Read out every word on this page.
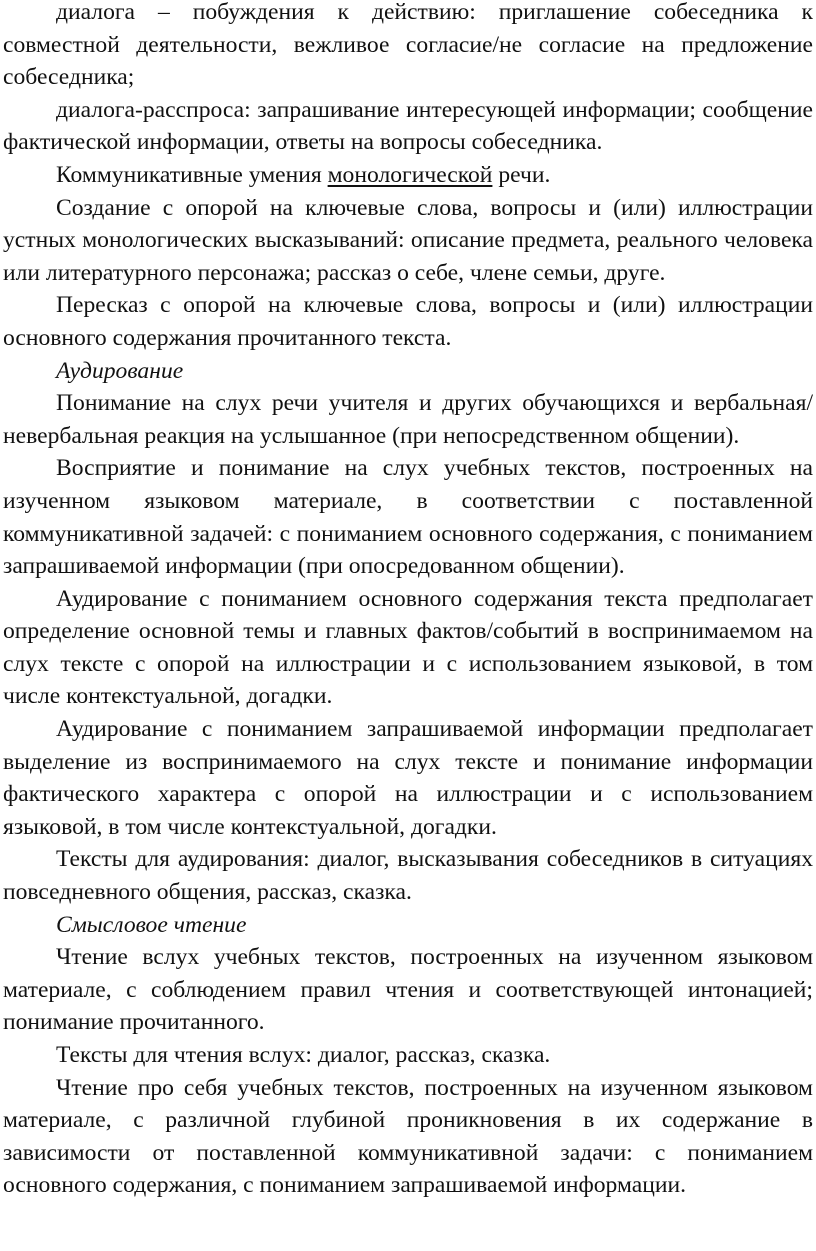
диалога – побуждения к действию: приглашение собеседника к совместной деятельности, вежливое согласие/не согласие на предложение собеседника;

диалога-расспроса: запрашивание интересующей информации; сообщение фактической информации, ответы на вопросы собеседника.

Коммуникативные умения монологической речи.

Создание с опорой на ключевые слова, вопросы и (или) иллюстрации устных монологических высказываний: описание предмета, реального человека или литературного персонажа; рассказ о себе, члене семьи, друге.

Пересказ с опорой на ключевые слова, вопросы и (или) иллюстрации основного содержания прочитанного текста.

Аудирование

Понимание на слух речи учителя и других обучающихся и вербальная/невербальная реакция на услышанное (при непосредственном общении).

Восприятие и понимание на слух учебных текстов, построенных на изученном языковом материале, в соответствии с поставленной коммуникативной задачей: с пониманием основного содержания, с пониманием запрашиваемой информации (при опосредованном общении).

Аудирование с пониманием основного содержания текста предполагает определение основной темы и главных фактов/событий в воспринимаемом на слух тексте с опорой на иллюстрации и с использованием языковой, в том числе контекстуальной, догадки.

Аудирование с пониманием запрашиваемой информации предполагает выделение из воспринимаемого на слух тексте и понимание информации фактического характера с опорой на иллюстрации и с использованием языковой, в том числе контекстуальной, догадки.

Тексты для аудирования: диалог, высказывания собеседников в ситуациях повседневного общения, рассказ, сказка.

Смысловое чтение

Чтение вслух учебных текстов, построенных на изученном языковом материале, с соблюдением правил чтения и соответствующей интонацией; понимание прочитанного.

Тексты для чтения вслух: диалог, рассказ, сказка.

Чтение про себя учебных текстов, построенных на изученном языковом материале, с различной глубиной проникновения в их содержание в зависимости от поставленной коммуникативной задачи: с пониманием основного содержания, с пониманием запрашиваемой информации.
